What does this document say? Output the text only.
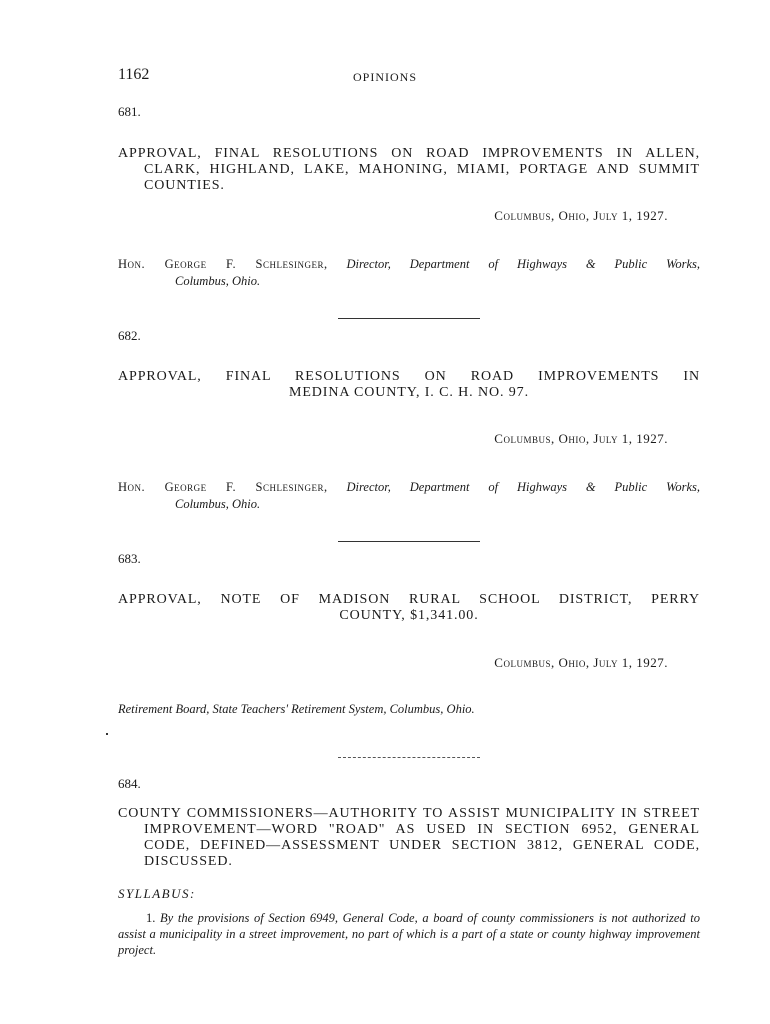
1162	OPINIONS
681.
APPROVAL, FINAL RESOLUTIONS ON ROAD IMPROVEMENTS IN ALLEN, CLARK, HIGHLAND, LAKE, MAHONING, MIAMI, PORTAGE AND SUMMIT COUNTIES.
Columbus, Ohio, July 1, 1927.
Hon. George F. Schlesinger, Director, Department of Highways & Public Works,
Columbus, Ohio.
682.
APPROVAL, FINAL RESOLUTIONS ON ROAD IMPROVEMENTS IN
MEDINA COUNTY, I. C. H. NO. 97.
Columbus, Ohio, July 1, 1927.
Hon. George F. Schlesinger, Director, Department of Highways & Public Works,
Columbus, Ohio.
683.
APPROVAL, NOTE OF MADISON RURAL SCHOOL DISTRICT, PERRY
COUNTY, $1,341.00.
Columbus, Ohio, July 1, 1927.
Retirement Board, State Teachers' Retirement System, Columbus, Ohio.
684.
COUNTY COMMISSIONERS—AUTHORITY TO ASSIST MUNICIPALITY IN STREET IMPROVEMENT—WORD "ROAD" AS USED IN SECTION 6952, GENERAL CODE, DEFINED—ASSESSMENT UNDER SECTION 3812, GENERAL CODE, DISCUSSED.
SYLLABUS:
1. By the provisions of Section 6949, General Code, a board of county commissioners is not authorized to assist a municipality in a street improvement, no part of which is a part of a state or county highway improvement project.
